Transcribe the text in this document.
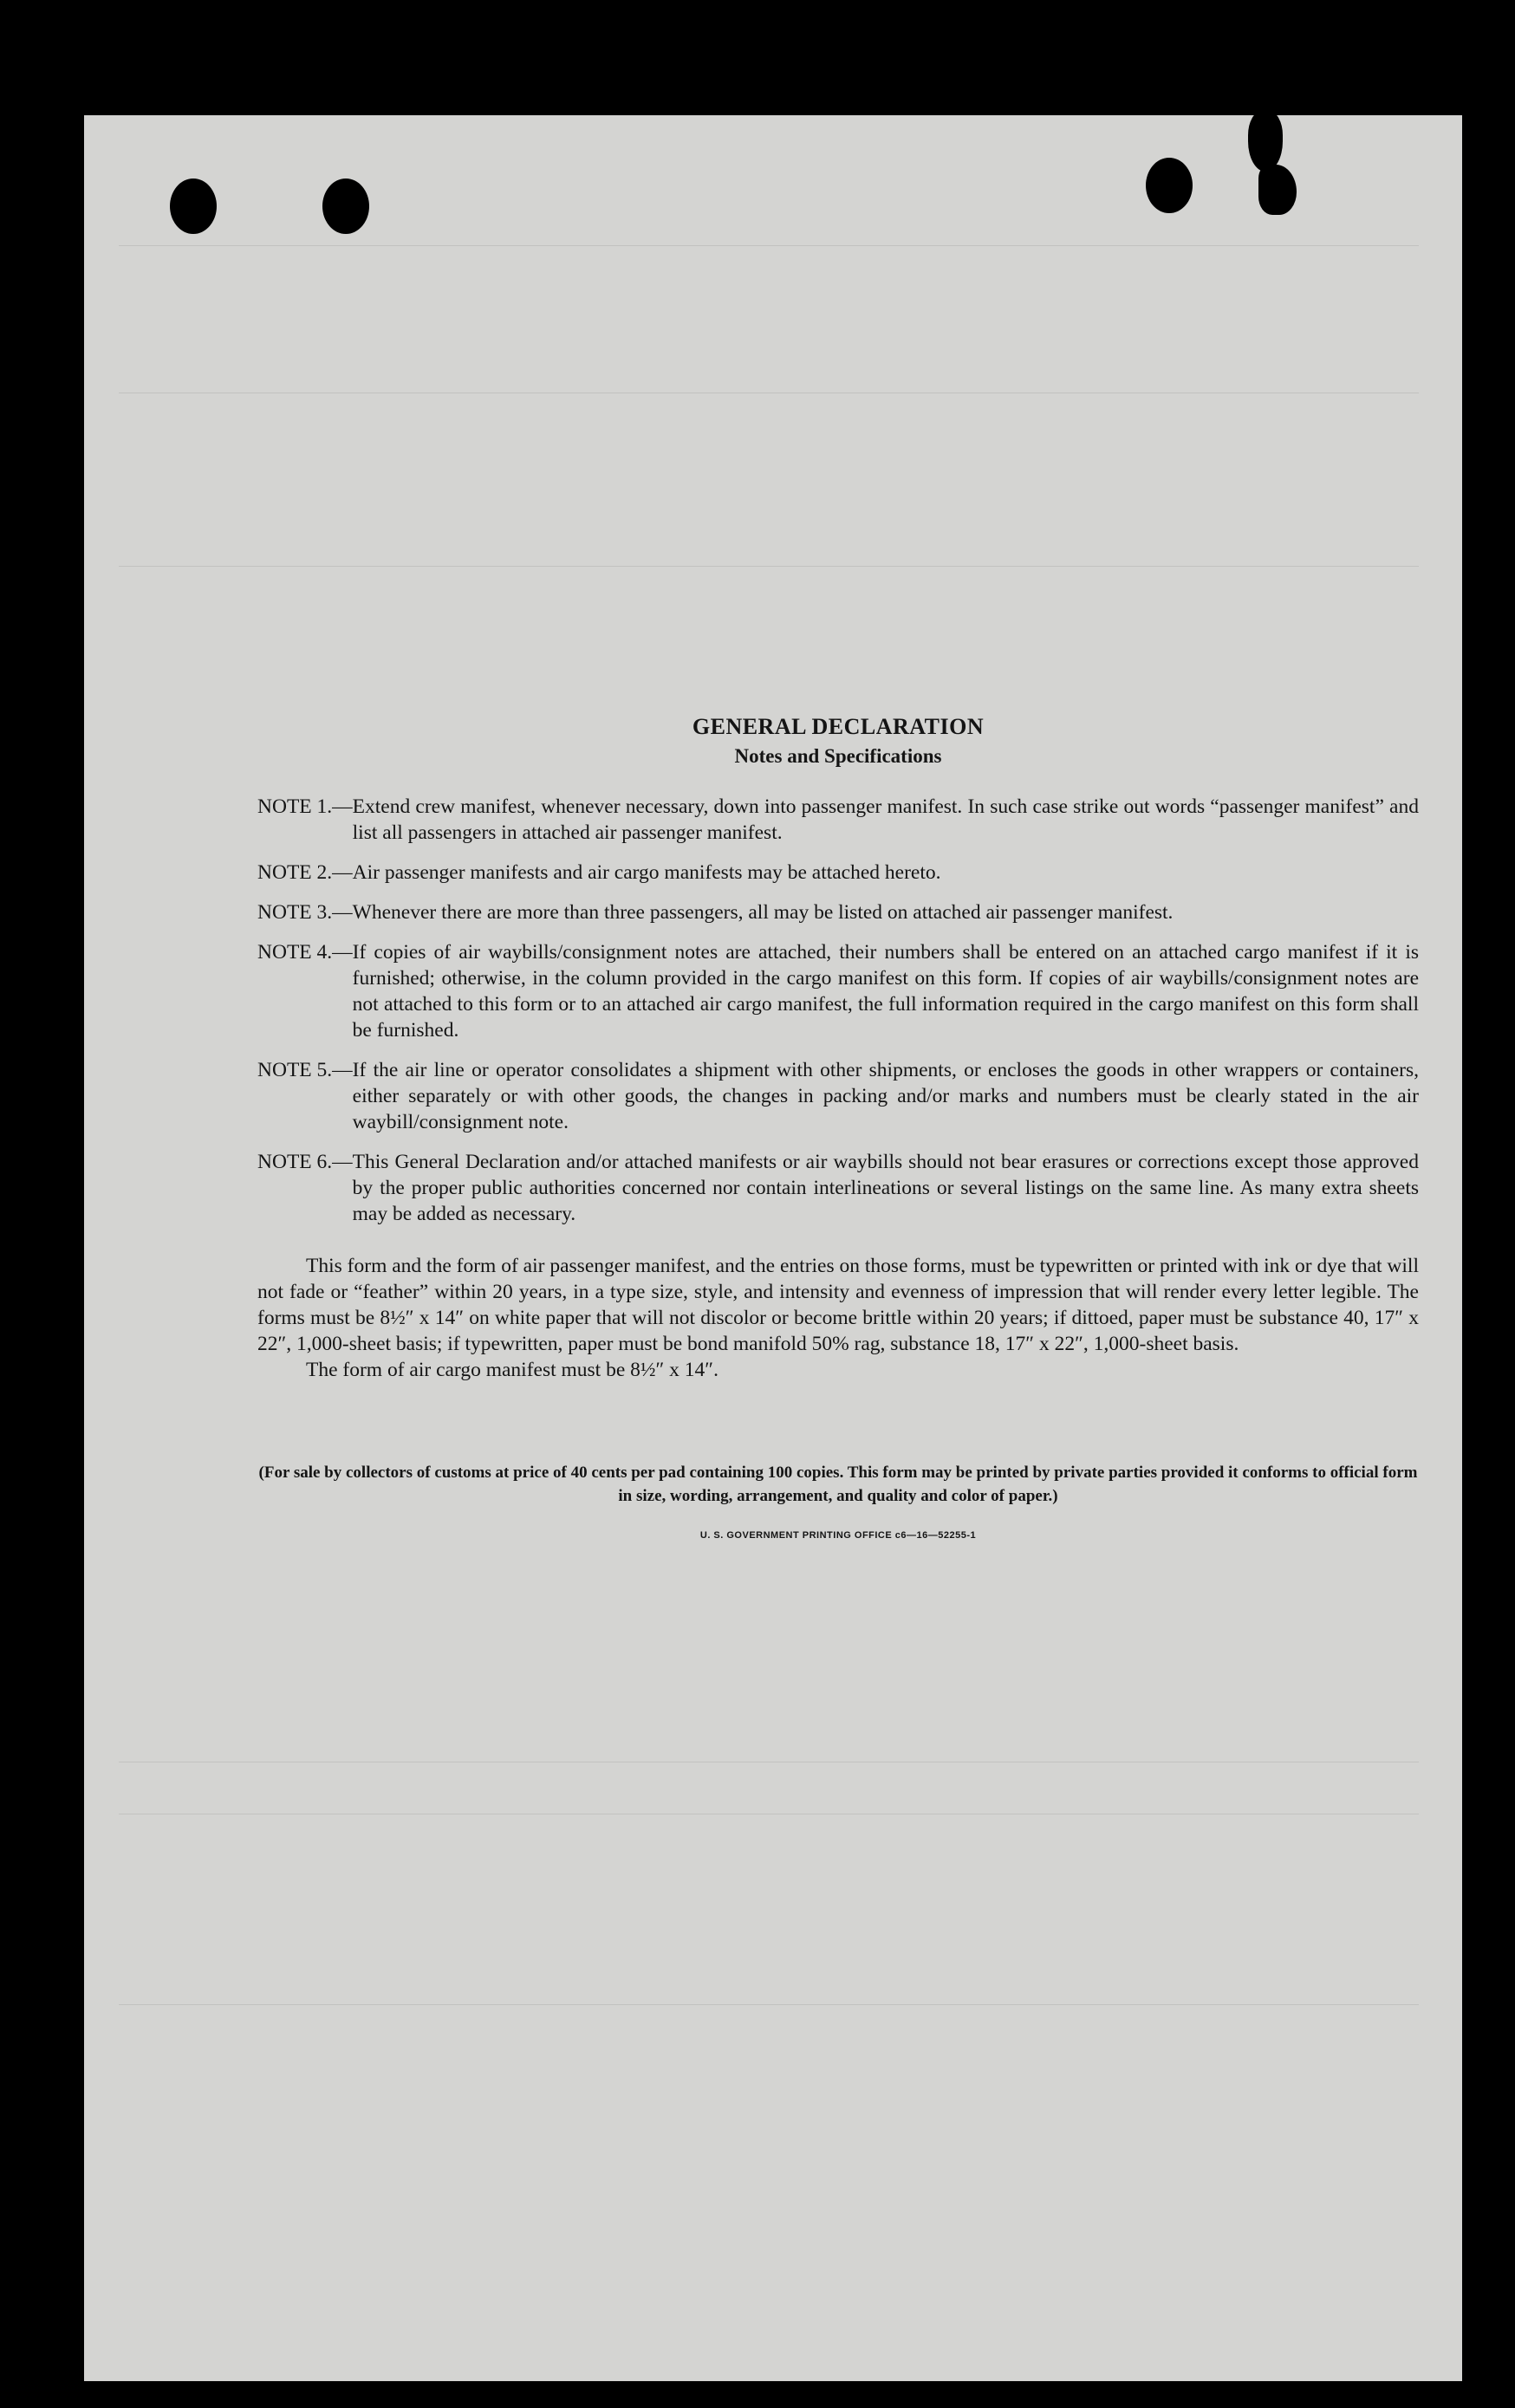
GENERAL DECLARATION
Notes and Specifications
NOTE 1.— Extend crew manifest, whenever necessary, down into passenger manifest. In such case strike out words “passenger manifest” and list all passengers in attached air passenger manifest.
NOTE 2.— Air passenger manifests and air cargo manifests may be attached hereto.
NOTE 3.— Whenever there are more than three passengers, all may be listed on attached air passenger manifest.
NOTE 4.— If copies of air waybills/consignment notes are attached, their numbers shall be entered on an attached cargo manifest if it is furnished; otherwise, in the column provided in the cargo manifest on this form. If copies of air waybills/consignment notes are not attached to this form or to an attached air cargo manifest, the full information required in the cargo manifest on this form shall be furnished.
NOTE 5.— If the air line or operator consolidates a shipment with other shipments, or encloses the goods in other wrappers or containers, either separately or with other goods, the changes in packing and/or marks and numbers must be clearly stated in the air waybill/consignment note.
NOTE 6.— This General Declaration and/or attached manifests or air waybills should not bear erasures or corrections except those approved by the proper public authorities concerned nor contain interlineations or several listings on the same line. As many extra sheets may be added as necessary.

This form and the form of air passenger manifest, and the entries on those forms, must be typewritten or printed with ink or dye that will not fade or “feather” within 20 years, in a type size, style, and intensity and evenness of impression that will render every letter legible. The forms must be 8½″ x 14″ on white paper that will not discolor or become brittle within 20 years; if dittoed, paper must be substance 40, 17″ x 22″, 1,000-sheet basis; if typewritten, paper must be bond manifold 50% rag, substance 18, 17″ x 22″, 1,000-sheet basis.

The form of air cargo manifest must be 8½″ x 14″.

(For sale by collectors of customs at price of 40 cents per pad containing 100 copies. This form may be printed by private parties provided it conforms to official form in size, wording, arrangement, and quality and color of paper.)

U. S. GOVERNMENT PRINTING OFFICE c6—16—52255-1
